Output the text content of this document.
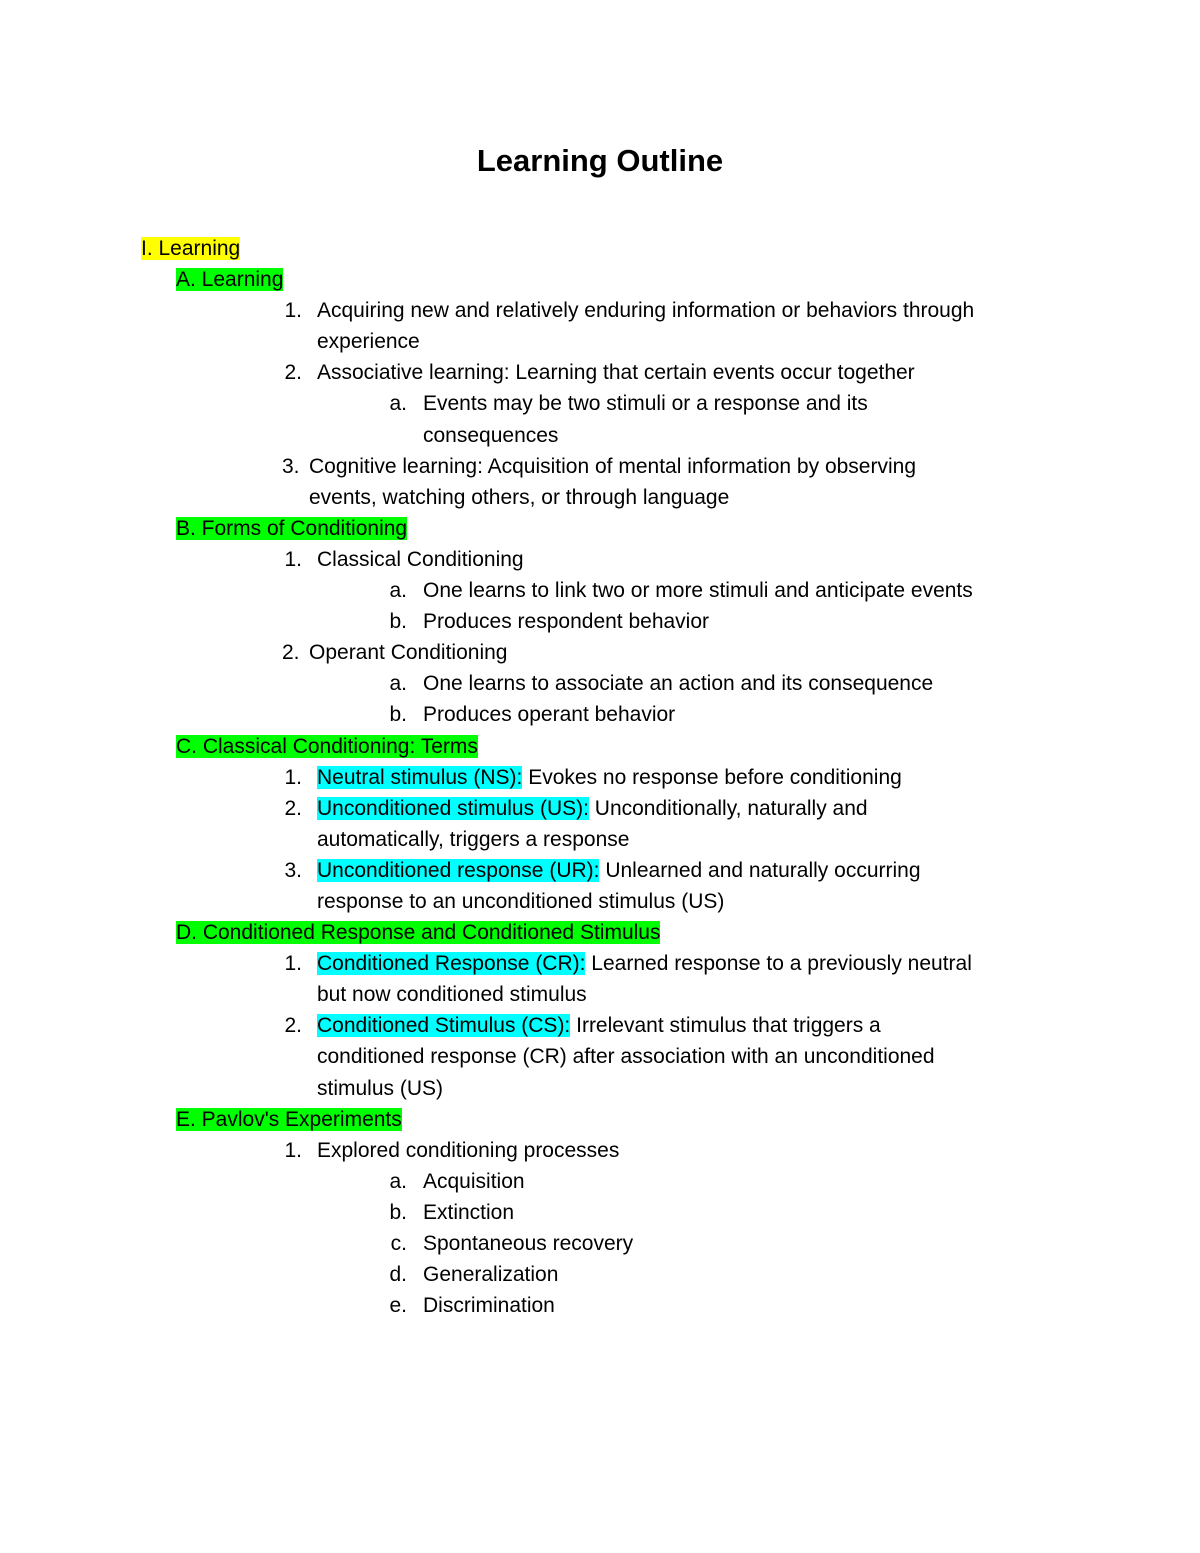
Learning Outline
I. Learning
A. Learning
1. Acquiring new and relatively enduring information or behaviors through
experience
2. Associative learning: Learning that certain events occur together
a. Events may be two stimuli or a response and its
consequences
3. Cognitive learning: Acquisition of mental information by observing
events, watching others, or through language
B. Forms of Conditioning
1. Classical Conditioning
a. One learns to link two or more stimuli and anticipate events
b. Produces respondent behavior
2. Operant Conditioning
a. One learns to associate an action and its consequence
b. Produces operant behavior
C. Classical Conditioning: Terms
1. Neutral stimulus (NS): Evokes no response before conditioning
2. Unconditioned stimulus (US): Unconditionally, naturally and
automatically, triggers a response
3. Unconditioned response (UR): Unlearned and naturally occurring
response to an unconditioned stimulus (US)
D. Conditioned Response and Conditioned Stimulus
1. Conditioned Response (CR): Learned response to a previously neutral
but now conditioned stimulus
2. Conditioned Stimulus (CS): Irrelevant stimulus that triggers a
conditioned response (CR) after association with an unconditioned
stimulus (US)
E. Pavlov's Experiments
1. Explored conditioning processes
a. Acquisition
b. Extinction
c. Spontaneous recovery
d. Generalization
e. Discrimination
